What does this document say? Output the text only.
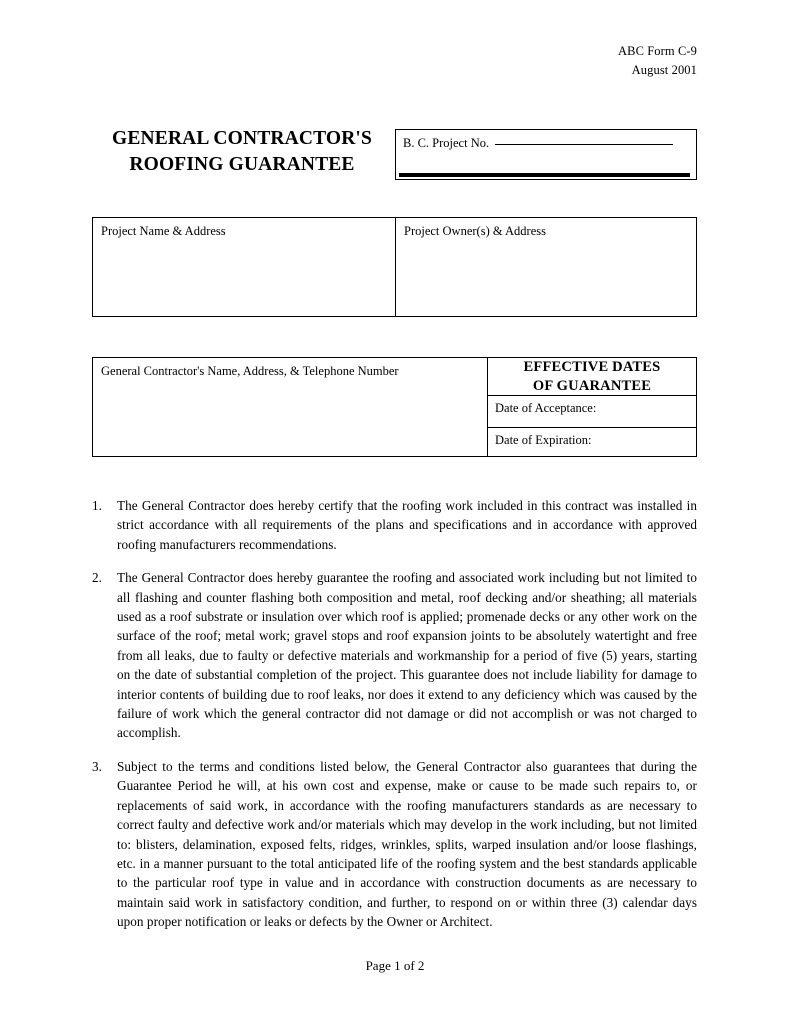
ABC Form C-9
August 2001
GENERAL CONTRACTOR'S
ROOFING GUARANTEE
B. C. Project No.
Project Name & Address	Project Owner(s) & Address
General Contractor's Name, Address, & Telephone Number	EFFECTIVE DATES
OF GUARANTEE
Date of Acceptance:
Date of Expiration:
1.	The General Contractor does hereby certify that the roofing work included in this contract was installed in strict accordance with all requirements of the plans and specifications and in accordance with approved roofing manufacturers recommendations.
2.	The General Contractor does hereby guarantee the roofing and associated work including but not limited to all flashing and counter flashing both composition and metal, roof decking and/or sheathing; all materials used as a roof substrate or insulation over which roof is applied; promenade decks or any other work on the surface of the roof; metal work; gravel stops and roof expansion joints to be absolutely watertight and free from all leaks, due to faulty or defective materials and workmanship for a period of five (5) years, starting on the date of substantial completion of the project. This guarantee does not include liability for damage to interior contents of building due to roof leaks, nor does it extend to any deficiency which was caused by the failure of work which the general contractor did not damage or did not accomplish or was not charged to accomplish.
3.	Subject to the terms and conditions listed below, the General Contractor also guarantees that during the Guarantee Period he will, at his own cost and expense, make or cause to be made such repairs to, or replacements of said work, in accordance with the roofing manufacturers standards as are necessary to correct faulty and defective work and/or materials which may develop in the work including, but not limited to: blisters, delamination, exposed felts, ridges, wrinkles, splits, warped insulation and/or loose flashings, etc. in a manner pursuant to the total anticipated life of the roofing system and the best standards applicable to the particular roof type in value and in accordance with construction documents as are necessary to maintain said work in satisfactory condition, and further, to respond on or within three (3) calendar days upon proper notification or leaks or defects by the Owner or Architect.
Page 1 of 2
